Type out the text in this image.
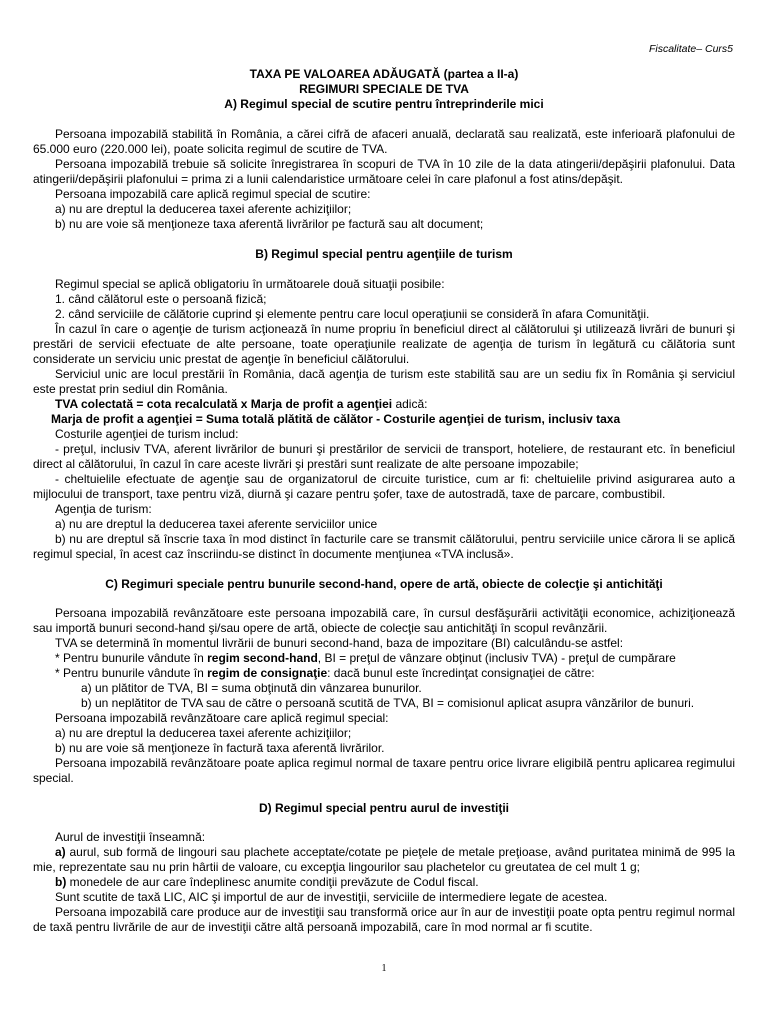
Fiscalitate– Curs5
TAXA PE VALOAREA ADĂUGATĂ (partea a II-a)
REGIMURI SPECIALE DE TVA
A) Regimul special de scutire pentru întreprinderile mici

Persoana impozabilă stabilită în România, a cărei cifră de afaceri anuală, declarată sau realizată, este inferioară plafonului de 65.000 euro (220.000 lei), poate solicita regimul de scutire de TVA.

Persoana impozabilă trebuie să solicite înregistrarea în scopuri de TVA în 10 zile de la data atingerii/depăşirii plafonului. Data atingerii/depăşirii plafonului = prima zi a lunii calendaristice următoare celei în care plafonul a fost atins/depăşit.

Persoana impozabilă care aplică regimul special de scutire:

a) nu are dreptul la deducerea taxei aferente achiziţiilor;

b) nu are voie să menţioneze taxa aferentă livrărilor pe factură sau alt document;

B) Regimul special pentru agenţiile de turism

Regimul special se aplică obligatoriu în următoarele două situaţii posibile:

1. când călătorul este o persoană fizică;

2. când serviciile de călătorie cuprind şi elemente pentru care locul operaţiunii se consideră în afara Comunităţii.

În cazul în care o agenţie de turism acţionează în nume propriu în beneficiul direct al călătorului şi utilizează livrări de bunuri şi prestări de servicii efectuate de alte persoane, toate operaţiunile realizate de agenţia de turism în legătură cu călătoria sunt considerate un serviciu unic prestat de agenţie în beneficiul călătorului.

Serviciul unic are locul prestării în România, dacă agenţia de turism este stabilită sau are un sediu fix în România şi serviciul este prestat prin sediul din România.

TVA colectată = cota recalculată x Marja de profit a agenţiei adică:

Marja de profit a agenţiei = Suma totală plătită de călător - Costurile agenţiei de turism, inclusiv taxa

Costurile agenţiei de turism includ:

- preţul, inclusiv TVA, aferent livrărilor de bunuri şi prestărilor de servicii de transport, hoteliere, de restaurant etc. în beneficiul direct al călătorului, în cazul în care aceste livrări şi prestări sunt realizate de alte persoane impozabile;

- cheltuielile efectuate de agenţie sau de organizatorul de circuite turistice, cum ar fi: cheltuielile privind asigurarea auto a mijlocului de transport, taxe pentru viză, diurnă şi cazare pentru şofer, taxe de autostradă, taxe de parcare, combustibil.

Agenţia de turism:

a) nu are dreptul la deducerea taxei aferente serviciilor unice

b) nu are dreptul să înscrie taxa în mod distinct în facturile care se transmit călătorului, pentru serviciile unice cărora li se aplică regimul special, în acest caz înscriindu-se distinct în documente menţiunea «TVA inclusă».

C) Regimuri speciale pentru bunurile second-hand, opere de artă, obiecte de colecţie şi antichităţi

Persoana impozabilă revânzătoare este persoana impozabilă care, în cursul desfăşurării activităţii economice, achiziţionează sau importă bunuri second-hand şi/sau opere de artă, obiecte de colecţie sau antichităţi în scopul revânzării.

TVA se determină în momentul livrării de bunuri second-hand, baza de impozitare (BI) calculându-se astfel:

* Pentru bunurile vândute în regim second-hand, BI = preţul de vânzare obţinut (inclusiv TVA) - preţul de cumpărare

* Pentru bunurile vândute în regim de consignaţie: dacă bunul este încredinţat consignaţiei de către:

a) un plătitor de TVA, BI = suma obţinută din vânzarea bunurilor.

b) un neplătitor de TVA sau de către o persoană scutită de TVA, BI = comisionul aplicat asupra vânzărilor de bunuri.

Persoana impozabilă revânzătoare care aplică regimul special:

a) nu are dreptul la deducerea taxei aferente achiziţiilor;

b) nu are voie să menţioneze în factură taxa aferentă livrărilor.

Persoana impozabilă revânzătoare poate aplica regimul normal de taxare pentru orice livrare eligibilă pentru aplicarea regimului special.

D) Regimul special pentru aurul de investiţii

Aurul de investiţii înseamnă:

a) aurul, sub formă de lingouri sau plachete acceptate/cotate pe pieţele de metale preţioase, având puritatea minimă de 995 la mie, reprezentate sau nu prin hârtii de valoare, cu excepţia lingourilor sau plachetelor cu greutatea de cel mult 1 g;

b) monedele de aur care îndeplinesc anumite condiţii prevăzute de Codul fiscal.

Sunt scutite de taxă LIC, AIC şi importul de aur de investiţii, serviciile de intermediere legate de acestea.

Persoana impozabilă care produce aur de investiţii sau transformă orice aur în aur de investiţii poate opta pentru regimul normal de taxă pentru livrările de aur de investiţii către altă persoană impozabilă, care în mod normal ar fi scutite.

1
